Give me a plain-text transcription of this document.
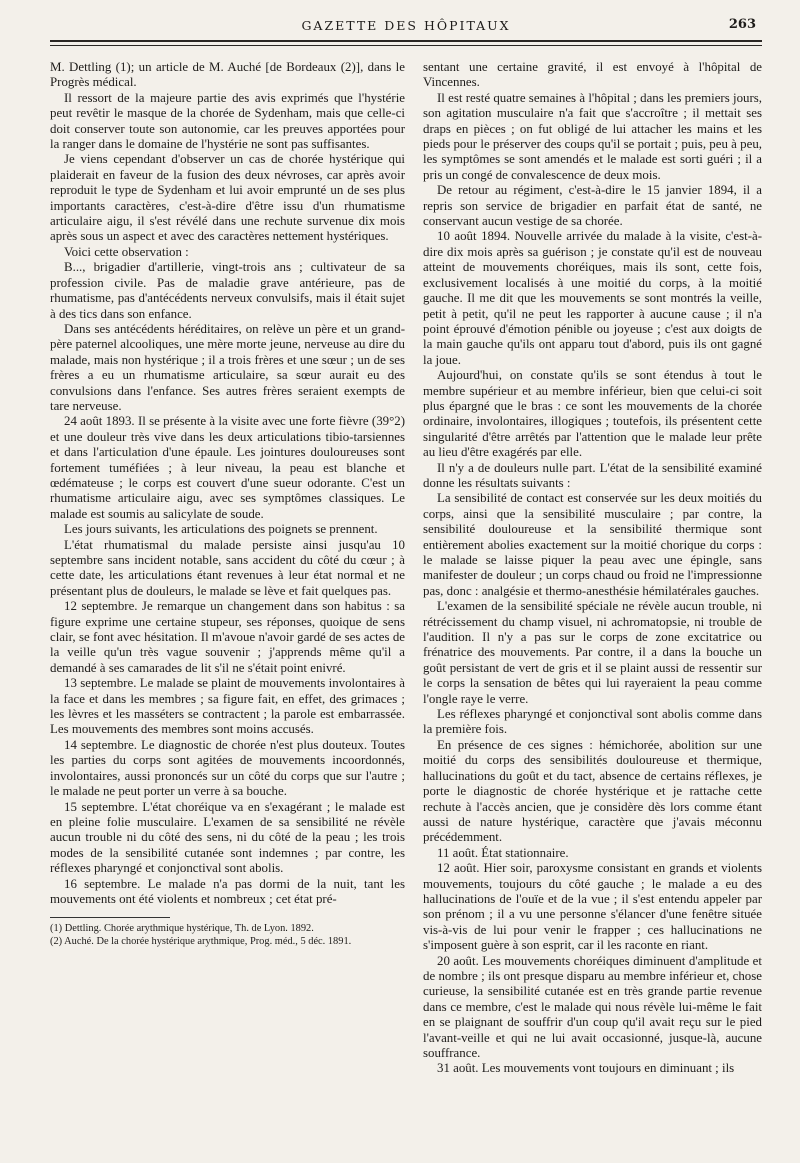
GAZETTE DES HÔPITAUX	263

M. Dettling (1); un article de M. Auché [de Bordeaux (2)], dans le Progrès médical.

Il ressort de la majeure partie des avis exprimés que l'hystérie peut revêtir le masque de la chorée de Sydenham, mais que celle-ci doit conserver toute son autonomie, car les preuves apportées pour la ranger dans le domaine de l'hystérie ne sont pas suffisantes.

Je viens cependant d'observer un cas de chorée hystérique qui plaiderait en faveur de la fusion des deux névroses, car après avoir reproduit le type de Sydenham et lui avoir emprunté un de ses plus importants caractères, c'est-à-dire d'être issu d'un rhumatisme articulaire aigu, il s'est révélé dans une rechute survenue dix mois après sous un aspect et avec des caractères nettement hystériques.

Voici cette observation :

B..., brigadier d'artillerie, vingt-trois ans ; cultivateur de sa profession civile. Pas de maladie grave antérieure, pas de rhumatisme, pas d'antécédents nerveux convulsifs, mais il était sujet à des tics dans son enfance.

Dans ses antécédents héréditaires, on relève un père et un grand-père paternel alcooliques, une mère morte jeune, nerveuse au dire du malade, mais non hystérique ; il a trois frères et une sœur ; un de ses frères a eu un rhumatisme articulaire, sa sœur aurait eu des convulsions dans l'enfance. Ses autres frères seraient exempts de tare nerveuse.

24 août 1893. Il se présente à la visite avec une forte fièvre (39°2) et une douleur très vive dans les deux articulations tibio-tarsiennes et dans l'articulation d'une épaule. Les jointures douloureuses sont fortement tuméfiées ; à leur niveau, la peau est blanche et œdémateuse ; le corps est couvert d'une sueur odorante. C'est un rhumatisme articulaire aigu, avec ses symptômes classiques. Le malade est soumis au salicylate de soude.

Les jours suivants, les articulations des poignets se prennent.

L'état rhumatismal du malade persiste ainsi jusqu'au 10 septembre sans incident notable, sans accident du côté du cœur ; à cette date, les articulations étant revenues à leur état normal et ne présentant plus de douleurs, le malade se lève et fait quelques pas.

12 septembre. Je remarque un changement dans son habitus : sa figure exprime une certaine stupeur, ses réponses, quoique de sens clair, se font avec hésitation. Il m'avoue n'avoir gardé de ses actes de la veille qu'un très vague souvenir ; j'apprends même qu'il a demandé à ses camarades de lit s'il ne s'était point enivré.

13 septembre. Le malade se plaint de mouvements involontaires à la face et dans les membres ; sa figure fait, en effet, des grimaces ; les lèvres et les masséters se contractent ; la parole est embarrassée. Les mouvements des membres sont moins accusés.

14 septembre. Le diagnostic de chorée n'est plus douteux. Toutes les parties du corps sont agitées de mouvements incoordonnés, involontaires, aussi prononcés sur un côté du corps que sur l'autre ; le malade ne peut porter un verre à sa bouche.

15 septembre. L'état choréique va en s'exagérant ; le malade est en pleine folie musculaire. L'examen de sa sensibilité ne révèle aucun trouble ni du côté des sens, ni du côté de la peau ; les trois modes de la sensibilité cutanée sont indemnes ; par contre, les réflexes pharyngé et conjonctival sont abolis.

16 septembre. Le malade n'a pas dormi de la nuit, tant les mouvements ont été violents et nombreux ; cet état pré-

(1) Dettling. Chorée arythmique hystérique, Th. de Lyon. 1892.

(2) Auché. De la chorée hystérique arythmique, Prog. méd., 5 déc. 1891.

sentant une certaine gravité, il est envoyé à l'hôpital de Vincennes.

Il est resté quatre semaines à l'hôpital ; dans les premiers jours, son agitation musculaire n'a fait que s'accroître ; il mettait ses draps en pièces ; on fut obligé de lui attacher les mains et les pieds pour le préserver des coups qu'il se portait ; puis, peu à peu, les symptômes se sont amendés et le malade est sorti guéri ; il a pris un congé de convalescence de deux mois.

De retour au régiment, c'est-à-dire le 15 janvier 1894, il a repris son service de brigadier en parfait état de santé, ne conservant aucun vestige de sa chorée.

10 août 1894. Nouvelle arrivée du malade à la visite, c'est-à-dire dix mois après sa guérison ; je constate qu'il est de nouveau atteint de mouvements choréiques, mais ils sont, cette fois, exclusivement localisés à une moitié du corps, à la moitié gauche. Il me dit que les mouvements se sont montrés la veille, petit à petit, qu'il ne peut les rapporter à aucune cause ; il n'a point éprouvé d'émotion pénible ou joyeuse ; c'est aux doigts de la main gauche qu'ils ont apparu tout d'abord, puis ils ont gagné la joue.

Aujourd'hui, on constate qu'ils se sont étendus à tout le membre supérieur et au membre inférieur, bien que celui-ci soit plus épargné que le bras : ce sont les mouvements de la chorée ordinaire, involontaires, illogiques ; toutefois, ils présentent cette singularité d'être arrêtés par l'attention que le malade leur prête au lieu d'être exagérés par elle.

Il n'y a de douleurs nulle part. L'état de la sensibilité examiné donne les résultats suivants :

La sensibilité de contact est conservée sur les deux moitiés du corps, ainsi que la sensibilité musculaire ; par contre, la sensibilité douloureuse et la sensibilité thermique sont entièrement abolies exactement sur la moitié chorique du corps : le malade se laisse piquer la peau avec une épingle, sans manifester de douleur ; un corps chaud ou froid ne l'impressionne pas, donc : analgésie et thermo-anesthésie hémilatérales gauches.

L'examen de la sensibilité spéciale ne révèle aucun trouble, ni rétrécissement du champ visuel, ni achromatopsie, ni trouble de l'audition. Il n'y a pas sur le corps de zone excitatrice ou frénatrice des mouvements. Par contre, il a dans la bouche un goût persistant de vert de gris et il se plaint aussi de ressentir sur le corps la sensation de bêtes qui lui rayeraient la peau comme l'ongle raye le verre.

Les réflexes pharyngé et conjonctival sont abolis comme dans la première fois.

En présence de ces signes : hémichorée, abolition sur une moitié du corps des sensibilités douloureuse et thermique, hallucinations du goût et du tact, absence de certains réflexes, je porte le diagnostic de chorée hystérique et je rattache cette rechute à l'accès ancien, que je considère dès lors comme étant aussi de nature hystérique, caractère que j'avais méconnu précédemment.

11 août. État stationnaire.

12 août. Hier soir, paroxysme consistant en grands et violents mouvements, toujours du côté gauche ; le malade a eu des hallucinations de l'ouïe et de la vue ; il s'est entendu appeler par son prénom ; il a vu une personne s'élancer d'une fenêtre située vis-à-vis de lui pour venir le frapper ; ces hallucinations ne s'imposent guère à son esprit, car il les raconte en riant.

20 août. Les mouvements choréiques diminuent d'amplitude et de nombre ; ils ont presque disparu au membre inférieur et, chose curieuse, la sensibilité cutanée est en très grande partie revenue dans ce membre, c'est le malade qui nous révèle lui-même le fait en se plaignant de souffrir d'un coup qu'il avait reçu sur le pied l'avant-veille et qui ne lui avait occasionné, jusque-là, aucune souffrance.

31 août. Les mouvements vont toujours en diminuant ; ils
